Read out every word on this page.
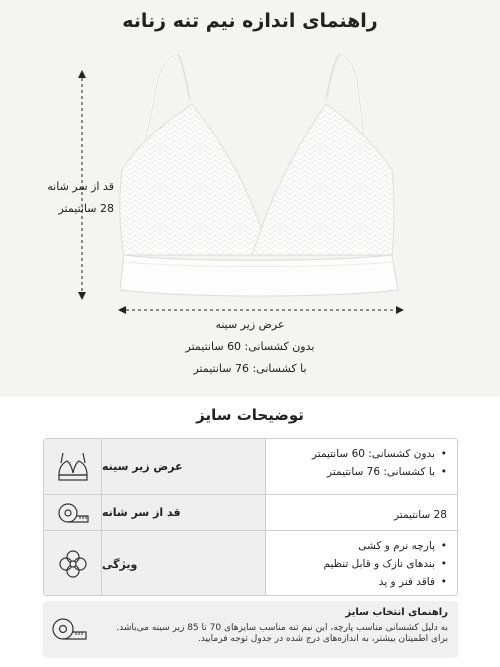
راهنمای اندازه نیم تنه زنانه
قد از سر شانه
28 سانتیمتر
عرض زیر سینه
بدون کشسانی: 60 سانتیمتر
با کشسانی: 76 سانتیمتر
توضیحات سایز
عرض زیر سینه
• بدون کشسانی: 60 سانتیمتر
• با کشسانی: 76 سانتیمتر
قد از سر شانه	28 سانتیمتر
ویژگی
• پارچه نرم و کشی
• بندهای نازک و قابل تنظیم
• فاقد فنر و پد
راهنمای انتخاب سایز
به دلیل کشسانی مناسب پارچه، این نیم تنه مناسب سایزهای 70 تا 85 زیر سینه می‌باشد. برای اطمینان بیشتر، به اندازه‌های درج شده در جدول توجه فرمایید.
